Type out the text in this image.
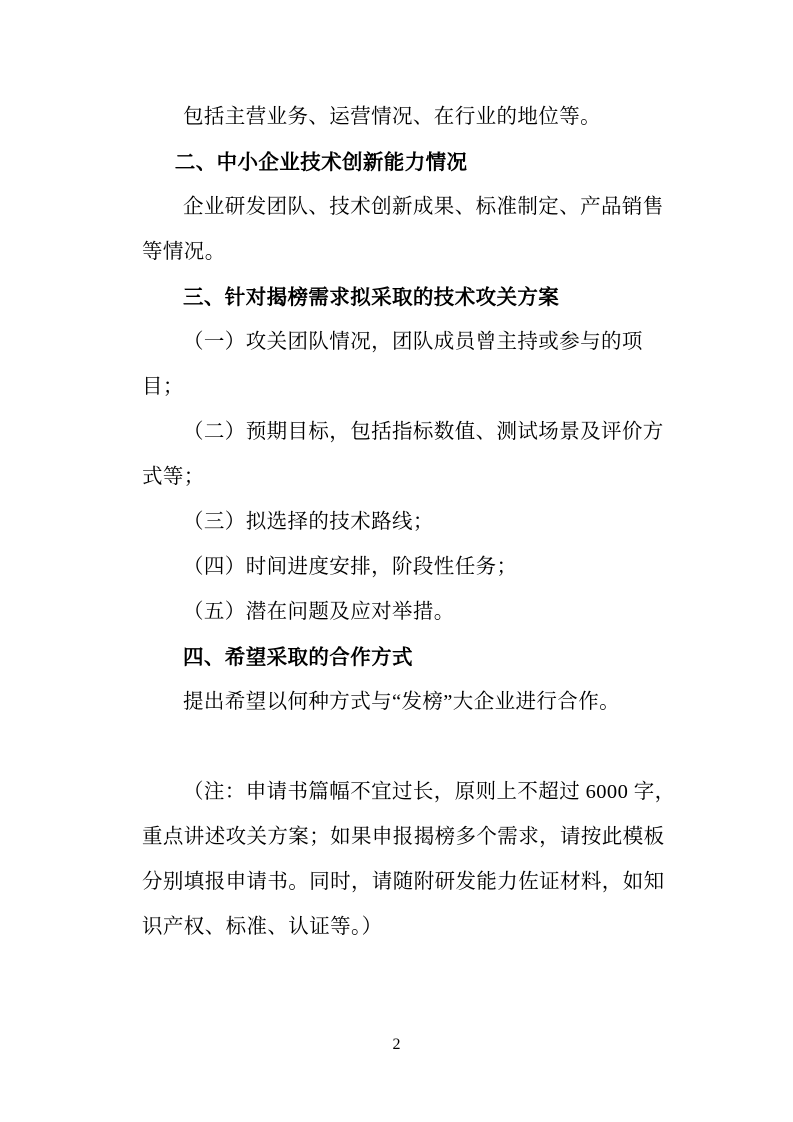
包括主营业务、运营情况、在行业的地位等。

二、中小企业技术创新能力情况

企业研发团队、技术创新成果、标准制定、产品销售等情况。

三、针对揭榜需求拟采取的技术攻关方案

（一）攻关团队情况，团队成员曾主持或参与的项目；

（二）预期目标，包括指标数值、测试场景及评价方式等；

（三）拟选择的技术路线；

（四）时间进度安排，阶段性任务；

（五）潜在问题及应对举措。

四、希望采取的合作方式

提出希望以何种方式与“发榜”大企业进行合作。

（注：申请书篇幅不宜过长，原则上不超过 6000 字，重点讲述攻关方案；如果申报揭榜多个需求，请按此模板分别填报申请书。同时，请随附研发能力佐证材料，如知识产权、标准、认证等。）

2
